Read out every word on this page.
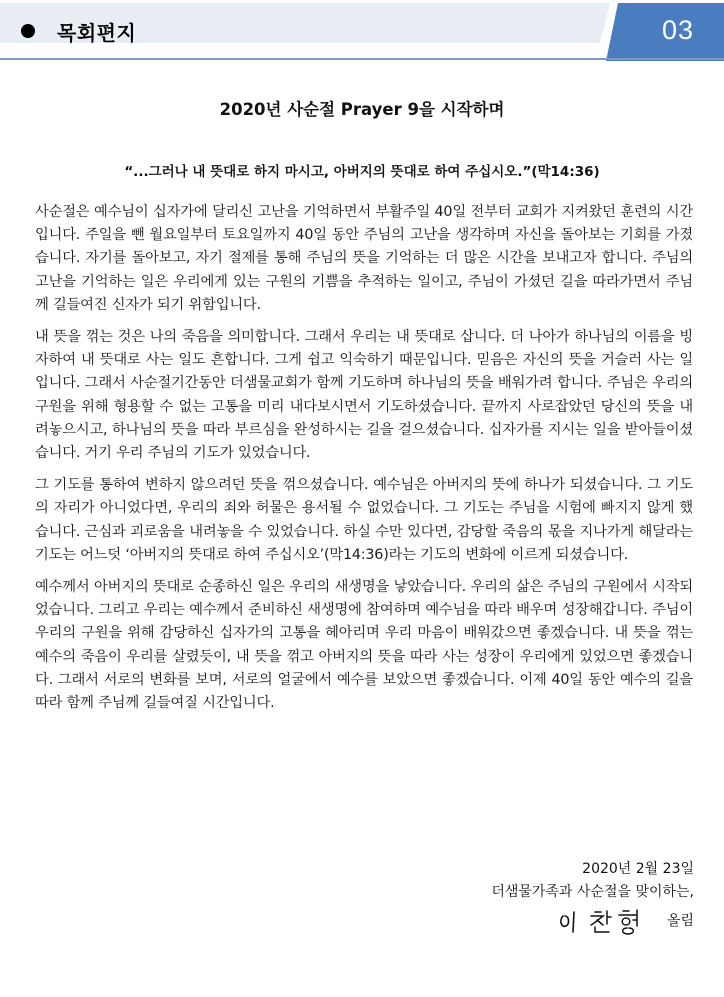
목회편지	03
2020년 사순절 Prayer 9을 시작하며
“...그러나 내 뜻대로 하지 마시고, 아버지의 뜻대로 하여 주십시오.”(막14:36)

사순절은 예수님이 십자가에 달리신 고난을 기억하면서 부활주일 40일 전부터 교회가 지켜왔던 훈련의 시간입니다. 주일을 뺀 월요일부터 토요일까지 40일 동안 주님의 고난을 생각하며 자신을 돌아보는 기회를 가졌습니다. 자기를 돌아보고, 자기 절제를 통해 주님의 뜻을 기억하는 더 많은 시간을 보내고자 합니다. 주님의 고난을 기억하는 일은 우리에게 있는 구원의 기쁨을 추적하는 일이고, 주님이 가셨던 길을 따라가면서 주님께 길들여진 신자가 되기 위함입니다.

내 뜻을 꺾는 것은 나의 죽음을 의미합니다. 그래서 우리는 내 뜻대로 삽니다. 더 나아가 하나님의 이름을 빙자하여 내 뜻대로 사는 일도 흔합니다. 그게 쉽고 익숙하기 때문입니다. 믿음은 자신의 뜻을 거슬러 사는 일입니다. 그래서 사순절기간동안 더샘물교회가 함께 기도하며 하나님의 뜻을 배워가려 합니다. 주님은 우리의 구원을 위해 형용할 수 없는 고통을 미리 내다보시면서 기도하셨습니다. 끝까지 사로잡았던 당신의 뜻을 내려놓으시고, 하나님의 뜻을 따라 부르심을 완성하시는 길을 걸으셨습니다. 십자가를 지시는 일을 받아들이셨습니다. 거기 우리 주님의 기도가 있었습니다.

그 기도를 통하여 변하지 않으려던 뜻을 꺾으셨습니다. 예수님은 아버지의 뜻에 하나가 되셨습니다. 그 기도의 자리가 아니었다면, 우리의 죄와 허물은 용서될 수 없었습니다. 그 기도는 주님을 시험에 빠지지 않게 했습니다. 근심과 괴로움을 내려놓을 수 있었습니다. 하실 수만 있다면, 감당할 죽음의 몫을 지나가게 해달라는 기도는 어느덧 ‘아버지의 뜻대로 하여 주십시오’(막14:36)라는 기도의 변화에 이르게 되셨습니다.

예수께서 아버지의 뜻대로 순종하신 일은 우리의 새생명을 낳았습니다. 우리의 삶은 주님의 구원에서 시작되었습니다. 그리고 우리는 예수께서 준비하신 새생명에 참여하며 예수님을 따라 배우며 성장해갑니다. 주님이 우리의 구원을 위해 감당하신 십자가의 고통을 헤아리며 우리 마음이 배워갔으면 좋겠습니다. 내 뜻을 꺾는 예수의 죽음이 우리를 살렸듯이, 내 뜻을 꺾고 아버지의 뜻을 따라 사는 성장이 우리에게 있었으면 좋겠습니다. 그래서 서로의 변화를 보며, 서로의 얼굴에서 예수를 보았으면 좋겠습니다. 이제 40일 동안 예수의 길을 따라 함께 주님께 길들여질 시간입니다.

2020년 2월 23일
더샘물가족과 사순절을 맞이하는,
올림
